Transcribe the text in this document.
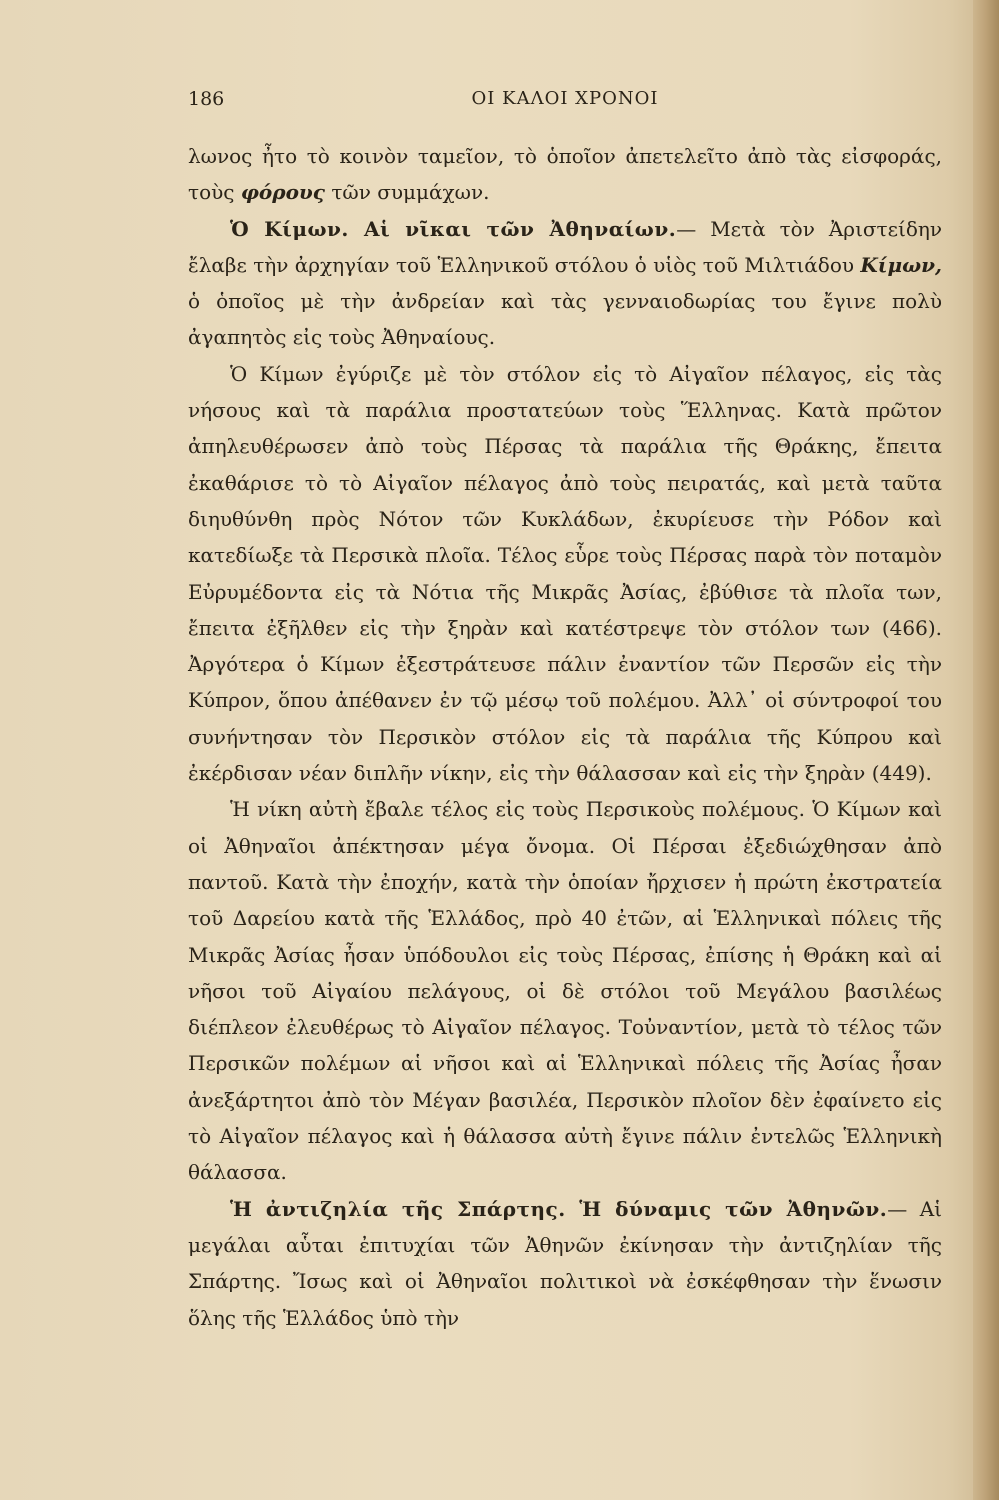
186	ΟΙ ΚΑΛΟΙ ΧΡΟΝΟΙ

λωνος ἦτο τὸ κοινὸν ταμεῖον, τὸ ὁποῖον ἀπετελεῖτο ἀπὸ τὰς εἰσφοράς, τοὺς φόρους τῶν συμμάχων.

Ὁ Κίμων. Αἱ νῖκαι τῶν Ἀθηναίων.— Μετὰ τὸν Ἀριστείδην ἔλαβε τὴν ἀρχηγίαν τοῦ Ἑλληνικοῦ στόλου ὁ υἱὸς τοῦ Μιλτιάδου Κίμων, ὁ ὁποῖος μὲ τὴν ἀνδρείαν καὶ τὰς γενναιοδωρίας του ἔγινε πολὺ ἀγαπητὸς εἰς τοὺς Ἀθηναίους.

Ὁ Κίμων ἐγύριζε μὲ τὸν στόλον εἰς τὸ Αἰγαῖον πέλαγος, εἰς τὰς νήσους καὶ τὰ παράλια προστατεύων τοὺς Ἕλληνας. Κατὰ πρῶτον ἀπηλευθέρωσεν ἀπὸ τοὺς Πέρσας τὰ παράλια τῆς Θράκης, ἔπειτα ἐκαθάρισε τὸ τὸ Αἰγαῖον πέλαγος ἀπὸ τοὺς πειρατάς, καὶ μετὰ ταῦτα διηυθύνθη πρὸς Νότον τῶν Κυκλάδων, ἐκυρίευσε τὴν Ρόδον καὶ κατεδίωξε τὰ Περσικὰ πλοῖα. Τέλος εὗρε τοὺς Πέρσας παρὰ τὸν ποταμὸν Εὐρυμέδοντα εἰς τὰ Νότια τῆς Μικρᾶς Ἀσίας, ἐβύθισε τὰ πλοῖα των, ἔπειτα ἐξῆλθεν εἰς τὴν ξηρὰν καὶ κατέστρεψε τὸν στόλον των (466). Ἀργότερα ὁ Κίμων ἐξεστράτευσε πάλιν ἐναντίον τῶν Περσῶν εἰς τὴν Κύπρον, ὅπου ἀπέθανεν ἐν τῷ μέσῳ τοῦ πολέμου. Ἀλλ᾽ οἱ σύντροφοί του συνήντησαν τὸν Περσικὸν στόλον εἰς τὰ παράλια τῆς Κύπρου καὶ ἐκέρδισαν νέαν διπλῆν νίκην, εἰς τὴν θάλασσαν καὶ εἰς τὴν ξηρὰν (449).

Ἡ νίκη αὐτὴ ἔβαλε τέλος εἰς τοὺς Περσικοὺς πολέμους. Ὁ Κίμων καὶ οἱ Ἀθηναῖοι ἀπέκτησαν μέγα ὄνομα. Οἱ Πέρσαι ἐξεδιώχθησαν ἀπὸ παντοῦ. Κατὰ τὴν ἐποχήν, κατὰ τὴν ὁποίαν ἤρχισεν ἡ πρώτη ἐκστρατεία τοῦ Δαρείου κατὰ τῆς Ἑλλάδος, πρὸ 40 ἐτῶν, αἱ Ἑλληνικαὶ πόλεις τῆς Μικρᾶς Ἀσίας ἦσαν ὑπόδουλοι εἰς τοὺς Πέρσας, ἐπίσης ἡ Θράκη καὶ αἱ νῆσοι τοῦ Αἰγαίου πελάγους, οἱ δὲ στόλοι τοῦ Μεγάλου βασιλέως διέπλεον ἐλευθέρως τὸ Αἰγαῖον πέλαγος. Τοὐναντίον, μετὰ τὸ τέλος τῶν Περσικῶν πολέμων αἱ νῆσοι καὶ αἱ Ἑλληνικαὶ πόλεις τῆς Ἀσίας ἦσαν ἀνεξάρτητοι ἀπὸ τὸν Μέγαν βασιλέα, Περσικὸν πλοῖον δὲν ἐφαίνετο εἰς τὸ Αἰγαῖον πέλαγος καὶ ἡ θάλασσα αὐτὴ ἔγινε πάλιν ἐντελῶς Ἑλληνικὴ θάλασσα.

Ἡ ἀντιζηλία τῆς Σπάρτης. Ἡ δύναμις τῶν Ἀθηνῶν.— Αἱ μεγάλαι αὗται ἐπιτυχίαι τῶν Ἀθηνῶν ἐκίνησαν τὴν ἀντιζηλίαν τῆς Σπάρτης. Ἴσως καὶ οἱ Ἀθηναῖοι πολιτικοὶ νὰ ἐσκέφθησαν τὴν ἕνωσιν ὅλης τῆς Ἑλλάδος ὑπὸ τὴν
